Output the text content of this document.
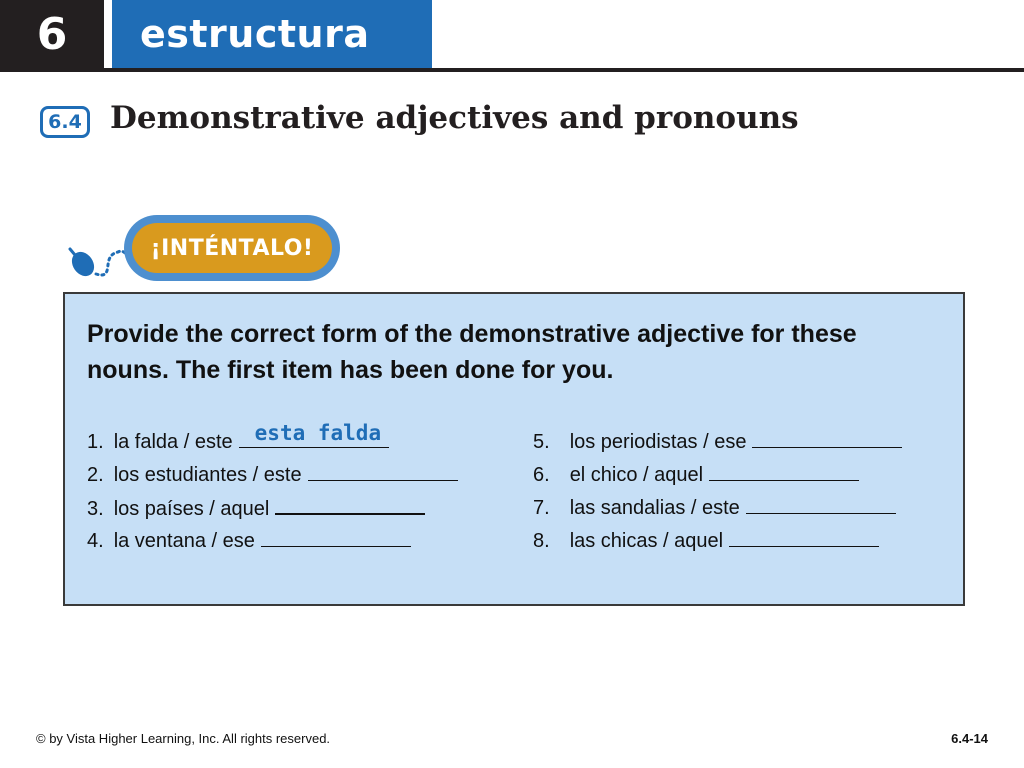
6	estructura
6.4 Demonstrative adjectives and pronouns
¡INTÉNTALO!

Provide the correct form of the demonstrative adjective for these nouns. The first item has been done for you.

1. la falda / este esta falda
2. los estudiantes / este
3. los países / aquel
4. la ventana / ese
5. los periodistas / ese
6. el chico / aquel
7. las sandalias / este
8. las chicas / aquel
© by Vista Higher Learning, Inc. All rights reserved.	6.4-14
